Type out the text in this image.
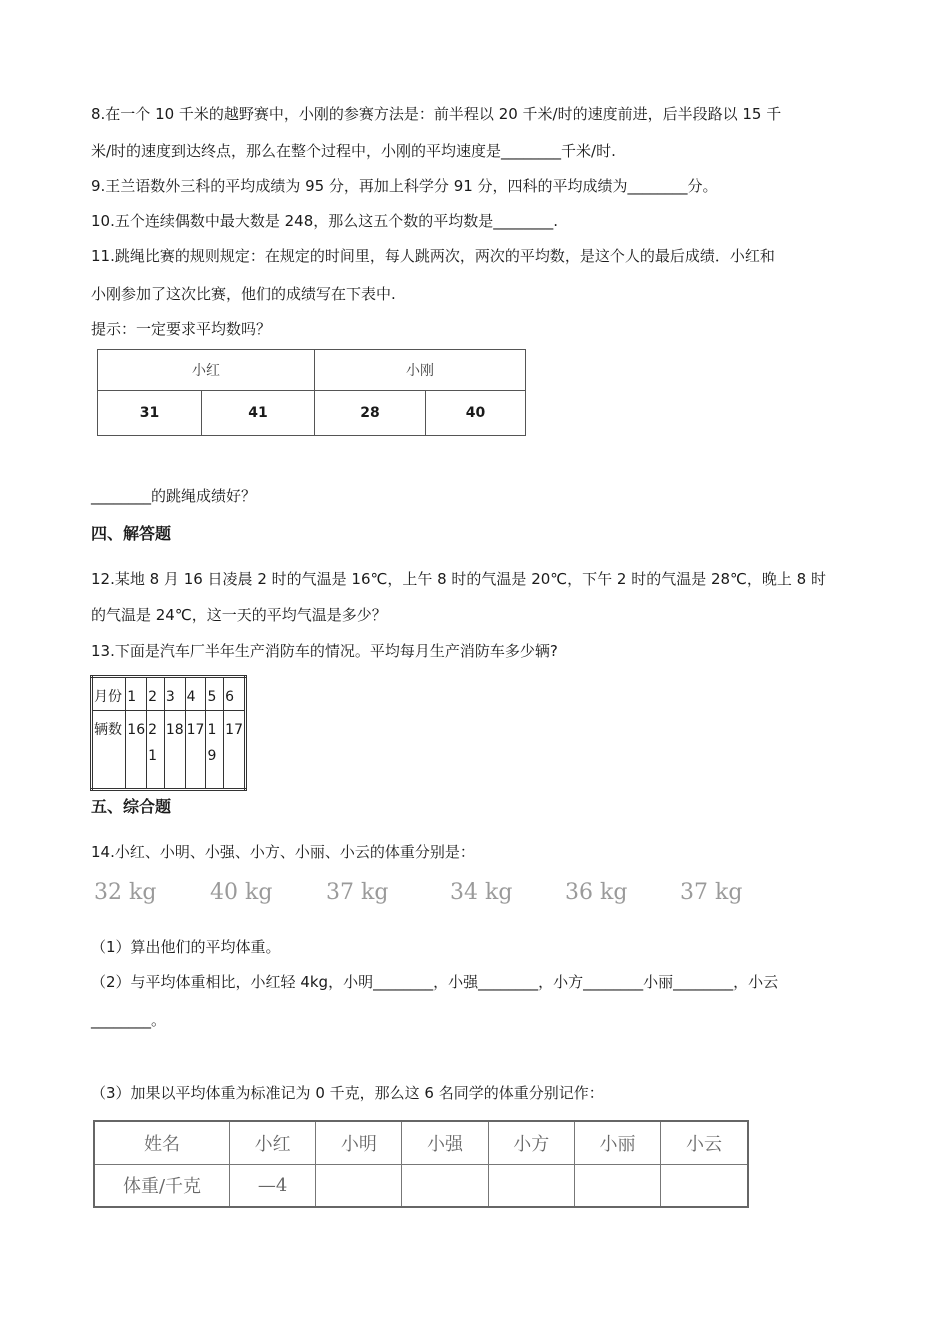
8.在一个 10 千米的越野赛中，小刚的参赛方法是：前半程以 20 千米/时的速度前进，后半段路以 15 千
米/时的速度到达终点，那么在整个过程中，小刚的平均速度是________千米/时.
9.王兰语数外三科的平均成绩为 95 分，再加上科学分 91 分，四科的平均成绩为________分。
10.五个连续偶数中最大数是 248，那么这五个数的平均数是________.
11.跳绳比赛的规则规定：在规定的时间里，每人跳两次，两次的平均数，是这个人的最后成绩．小红和
小刚参加了这次比赛，他们的成绩写在下表中.
提示：一定要求平均数吗？
小红		小刚	
31	41	28	40
________的跳绳成绩好？
四、解答题
12.某地 8 月 16 日凌晨 2 时的气温是 16℃，上午 8 时的气温是 20℃，下午 2 时的气温是 28℃，晚上 8 时
的气温是 24℃，这一天的平均气温是多少？
13.下面是汽车厂半年生产消防车的情况。平均每月生产消防车多少辆?
月份	1	2	3	4	5	6
辆数	16	21	18	17	19	17
五、综合题
14.小红、小明、小强、小方、小丽、小云的体重分别是：
32 kg 40 kg 37 kg	34 kg 36 kg 37 kg
（1）算出他们的平均体重。
（2）与平均体重相比，小红轻 4kg，小明________，小强________，小方________小丽________，小云
________。
（3）加果以平均体重为标准记为 0 千克，那么这 6 名同学的体重分别记作：
姓名	小红	小明	小强	小方	小丽	小云
体重/千克	—4					
